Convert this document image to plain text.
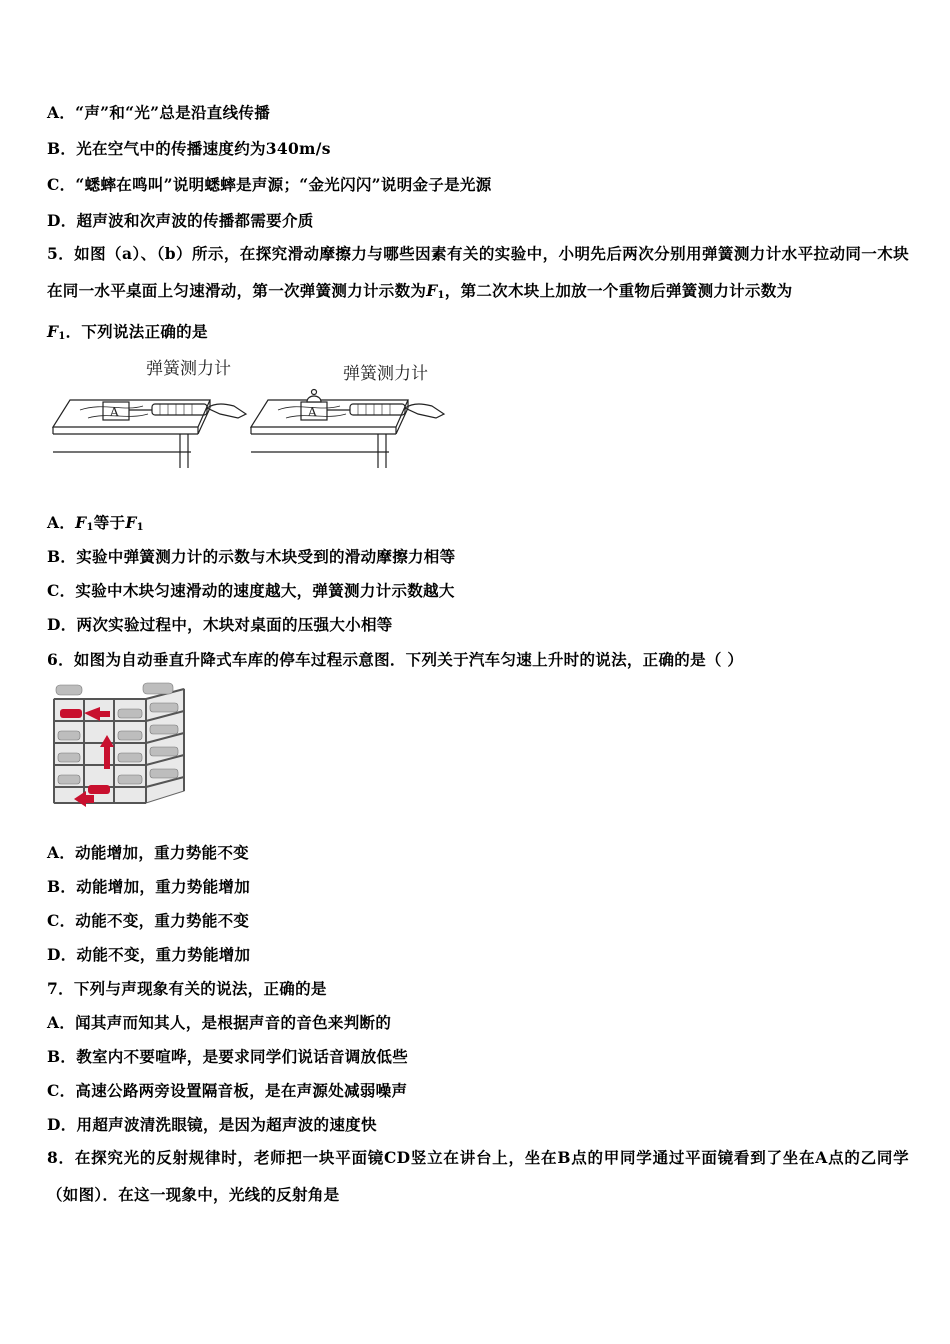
A．“声”和“光”总是沿直线传播
B．光在空气中的传播速度约为340m/s
C．“蟋蟀在鸣叫”说明蟋蟀是声源；“金光闪闪”说明金子是光源
D．超声波和次声波的传播都需要介质
5．如图（a）、（b）所示，在探究滑动摩擦力与哪些因素有关的实验中，小明先后两次分别用弹簧测力计水平拉动同一木块在同一水平桌面上匀速滑动，第一次弹簧测力计示数为$F_1$，第二次木块上加放一个重物后弹簧测力计示数为
$F_1$．下列说法正确的是
弹簧测力计
A
弹簧测力计
A
A．$F_1$等于$F_1$
B．实验中弹簧测力计的示数与木块受到的滑动摩擦力相等
C．实验中木块匀速滑动的速度越大，弹簧测力计示数越大
D．两次实验过程中，木块对桌面的压强大小相等
6．如图为自动垂直升降式车库的停车过程示意图．下列关于汽车匀速上升时的说法，正确的是（ ）
A．动能增加，重力势能不变
B．动能增加，重力势能增加
C．动能不变，重力势能不变
D．动能不变，重力势能增加
7．下列与声现象有关的说法，正确的是
A．闻其声而知其人，是根据声音的音色来判断的
B．教室内不要喧哗，是要求同学们说话音调放低些
C．高速公路两旁设置隔音板，是在声源处减弱噪声
D．用超声波清洗眼镜，是因为超声波的速度快
8．在探究光的反射规律时，老师把一块平面镜CD竖立在讲台上，坐在B点的甲同学通过平面镜看到了坐在A点的乙同学（如图）．在这一现象中，光线的反射角是
